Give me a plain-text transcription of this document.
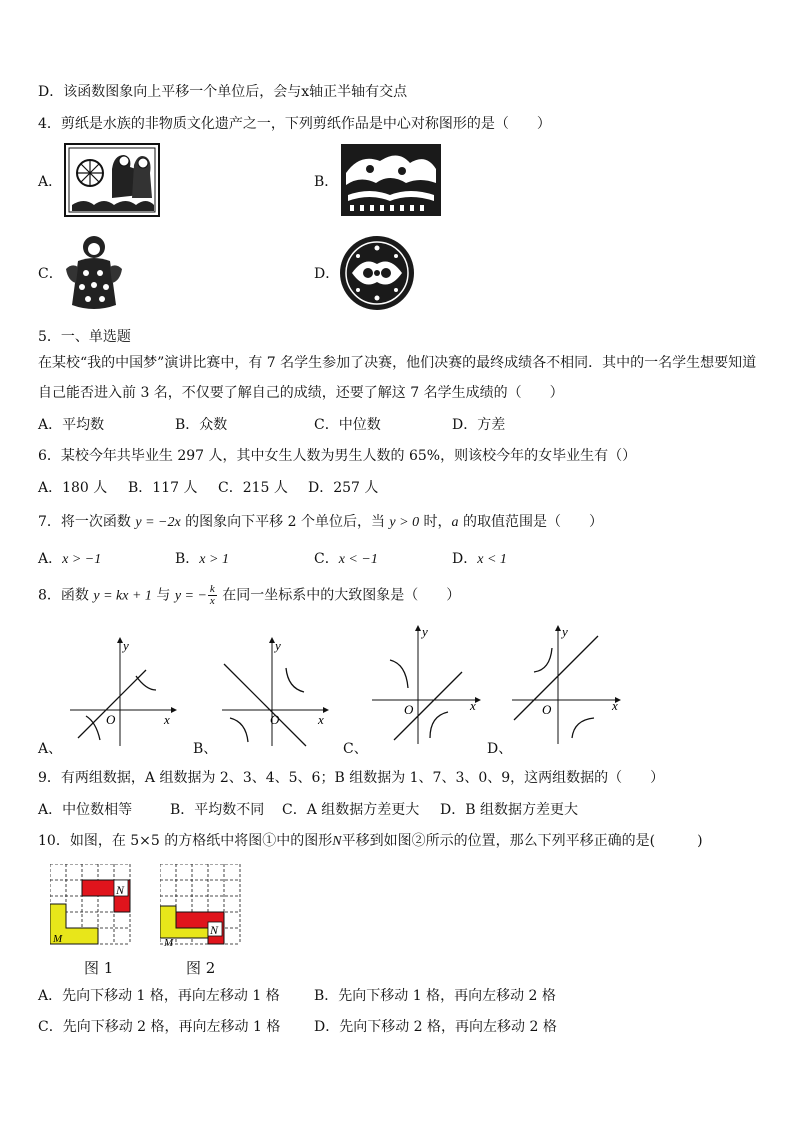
D．该函数图象向上平移一个单位后，会与x轴正半轴有交点
4．剪纸是水族的非物质文化遗产之一，下列剪纸作品是中心对称图形的是（　　）
A．	B．
C．	D．
5．一、单选题
在某校“我的中国梦”演讲比赛中，有 7 名学生参加了决赛，他们决赛的最终成绩各不相同．其中的一名学生想要知道
自己能否进入前 3 名，不仅要了解自己的成绩，还要了解这 7 名学生成绩的（　　）
A．平均数	B．众数	C．中位数	D．方差
6．某校今年共毕业生 297 人，其中女生人数为男生人数的 65%，则该校今年的女毕业生有（）
A．180 人 B．117 人 C．215 人 D．257 人
7．将一次函数 y = −2x 的图象向下平移 2 个单位后，当 y > 0 时，a 的取值范围是（　　）
A．x > −1	B．x > 1	C．x < −1	D．x < 1
8．函数 y = kx + 1 与 y = − $\frac{k}{x}$ 在同一坐标系中的大致图象是（　　）
x
y
O	x
y
O
x
y
O	x
y
O
A、	B、	C、	D、
9．有两组数据，A 组数据为 2、3、4、5、6；B 组数据为 1、7、3、0、9，这两组数据的（　　）
A．中位数相等	B．平均数不同 C．A 组数据方差更大 D．B 组数据方差更大
10．如图，在 5×5 的方格纸中将图①中的图形N平移到如图②所示的位置，那么下列平移正确的是(　　　)
N
M
图 1
N
M
图 2
A．先向下移动 1 格，再向左移动 1 格 B．先向下移动 1 格，再向左移动 2 格
C．先向下移动 2 格，再向左移动 1 格 D．先向下移动 2 格，再向左移动 2 格
